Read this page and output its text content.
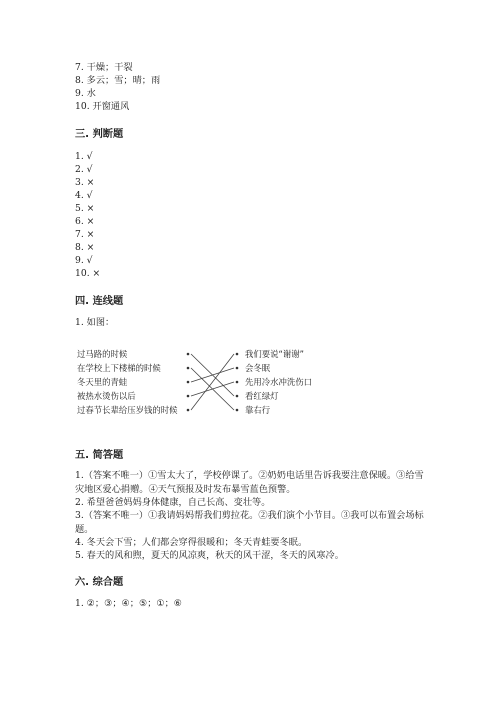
7. 干燥；干裂
8. 多云；雪；晴；雨
9. 水
10. 开窗通风
三. 判断题
1. √
2. √
3. ×
4. √
5. ×
6. ×
7. ×
8. ×
9. √
10. ×
四. 连线题
1. 如图：
过马路的时候
在学校上下楼梯的时候
冬天里的青蛙
被热水烫伤以后
过春节长辈给压岁钱的时候
我们要说“谢谢”
会冬眠
先用冷水冲洗伤口
看红绿灯
靠右行
五. 简答题
1.（答案不唯一）①雪太大了，学校停课了。②奶奶电话里告诉我要注意保暖。③给雪灾地区爱心捐赠。④天气预报及时发布暴雪蓝色预警。
2. 希望爸爸妈妈身体健康，自己长高、变壮等。
3.（答案不唯一）①我请妈妈帮我们剪拉花。②我们演个小节目。③我可以布置会场标题。
4. 冬天会下雪；人们都会穿得很暖和；冬天青蛙要冬眠。
5. 春天的风和煦，夏天的风凉爽，秋天的风干涩，冬天的风寒冷。
六. 综合题
1. ②；③；④；⑤；①；⑥
